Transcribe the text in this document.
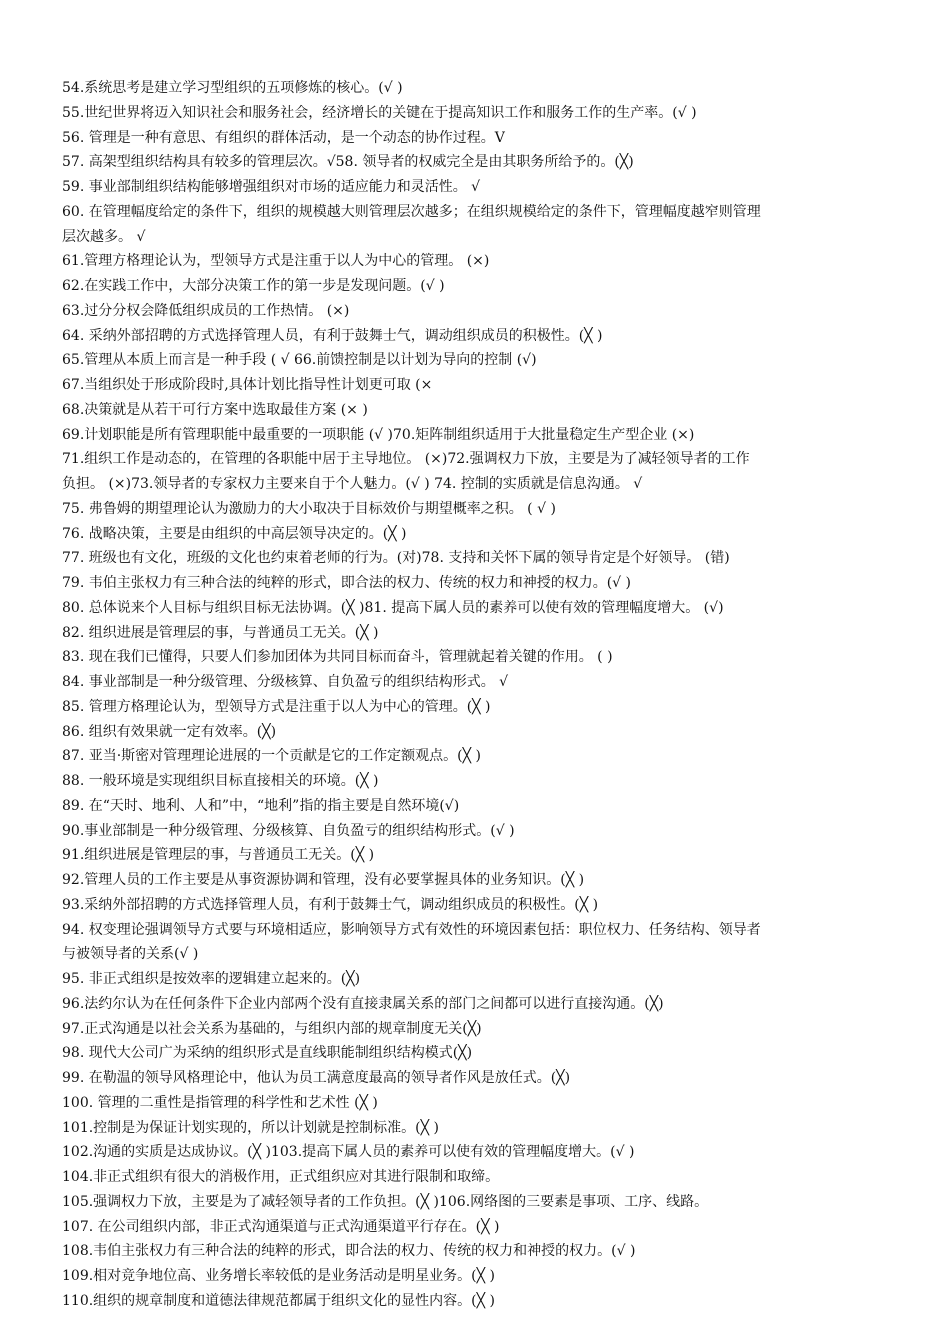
54.系统思考是建立学习型组织的五项修炼的核心。(√ )
55.世纪世界将迈入知识社会和服务社会，经济增长的关键在于提高知识工作和服务工作的生产率。(√ )
56. 管理是一种有意思、有组织的群体活动，是一个动态的协作过程。V
57. 高架型组织结构具有较多的管理层次。√58. 领导者的权威完全是由其职务所给予的。(╳)
59. 事业部制组织结构能够增强组织对市场的适应能力和灵活性。 √
60. 在管理幅度给定的条件下，组织的规模越大则管理层次越多；在组织规模给定的条件下，管理幅度越窄则管理
层次越多。 √
61.管理方格理论认为，型领导方式是注重于以人为中心的管理。 (×)
62.在实践工作中，大部分决策工作的第一步是发现问题。(√ )
63.过分分权会降低组织成员的工作热情。 (×)
64. 采纳外部招聘的方式选择管理人员，有利于鼓舞士气，调动组织成员的积极性。(╳ )
65.管理从本质上而言是一种手段 ( √ 66.前馈控制是以计划为导向的控制 (√)
67.当组织处于形成阶段时,具体计划比指导性计划更可取 (×
68.决策就是从若干可行方案中选取最佳方案 (× )
69.计划职能是所有管理职能中最重要的一项职能 (√ )70.矩阵制组织适用于大批量稳定生产型企业 (×)
71.组织工作是动态的，在管理的各职能中居于主导地位。 (×)72.强调权力下放，主要是为了减轻领导者的工作
负担。 (×)73.领导者的专家权力主要来自于个人魅力。(√ ) 74. 控制的实质就是信息沟通。 √
75. 弗鲁姆的期望理论认为激励力的大小取决于目标效价与期望概率之积。 ( √ )
76. 战略决策，主要是由组织的中高层领导决定的。(╳ )
77. 班级也有文化，班级的文化也约束着老师的行为。(对)78. 支持和关怀下属的领导肯定是个好领导。 (错)
79. 韦伯主张权力有三种合法的纯粹的形式，即合法的权力、传统的权力和神授的权力。(√ )
80. 总体说来个人目标与组织目标无法协调。(╳ )81. 提高下属人员的素养可以使有效的管理幅度增大。 (√)
82. 组织进展是管理层的事，与普通员工无关。(╳ )
83. 现在我们已懂得，只要人们参加团体为共同目标而奋斗，管理就起着关键的作用。 ( )
84. 事业部制是一种分级管理、分级核算、自负盈亏的组织结构形式。 √
85. 管理方格理论认为，型领导方式是注重于以人为中心的管理。(╳ )
86. 组织有效果就一定有效率。(╳)
87. 亚当·斯密对管理理论进展的一个贡献是它的工作定额观点。(╳ )
88. 一般环境是实现组织目标直接相关的环境。(╳ )
89. 在“天时、地利、人和”中，“地利”指的指主要是自然环境(√)
90.事业部制是一种分级管理、分级核算、自负盈亏的组织结构形式。(√ )
91.组织进展是管理层的事，与普通员工无关。(╳ )
92.管理人员的工作主要是从事资源协调和管理，没有必要掌握具体的业务知识。(╳ )
93.采纳外部招聘的方式选择管理人员，有利于鼓舞士气，调动组织成员的积极性。(╳ )
94. 权变理论强调领导方式要与环境相适应，影响领导方式有效性的环境因素包括：职位权力、任务结构、领导者
与被领导者的关系(√ )
95. 非正式组织是按效率的逻辑建立起来的。(╳)
96.法约尔认为在任何条件下企业内部两个没有直接隶属关系的部门之间都可以进行直接沟通。(╳)
97.正式沟通是以社会关系为基础的，与组织内部的规章制度无关(╳)
98. 现代大公司广为采纳的组织形式是直线职能制组织结构模式(╳)
99. 在勒温的领导风格理论中，他认为员工满意度最高的领导者作风是放任式。(╳)
100. 管理的二重性是指管理的科学性和艺术性 (╳ )
101.控制是为保证计划实现的，所以计划就是控制标准。(╳ )
102.沟通的实质是达成协议。(╳ )103.提高下属人员的素养可以使有效的管理幅度增大。(√ )
104.非正式组织有很大的消极作用，正式组织应对其进行限制和取缔。
105.强调权力下放，主要是为了减轻领导者的工作负担。(╳ )106.网络图的三要素是事项、工序、线路。
107. 在公司组织内部，非正式沟通渠道与正式沟通渠道平行存在。(╳ )
108.韦伯主张权力有三种合法的纯粹的形式，即合法的权力、传统的权力和神授的权力。(√ )
109.相对竞争地位高、业务增长率较低的是业务活动是明星业务。(╳ )
110.组织的规章制度和道德法律规范都属于组织文化的显性内容。(╳ )
